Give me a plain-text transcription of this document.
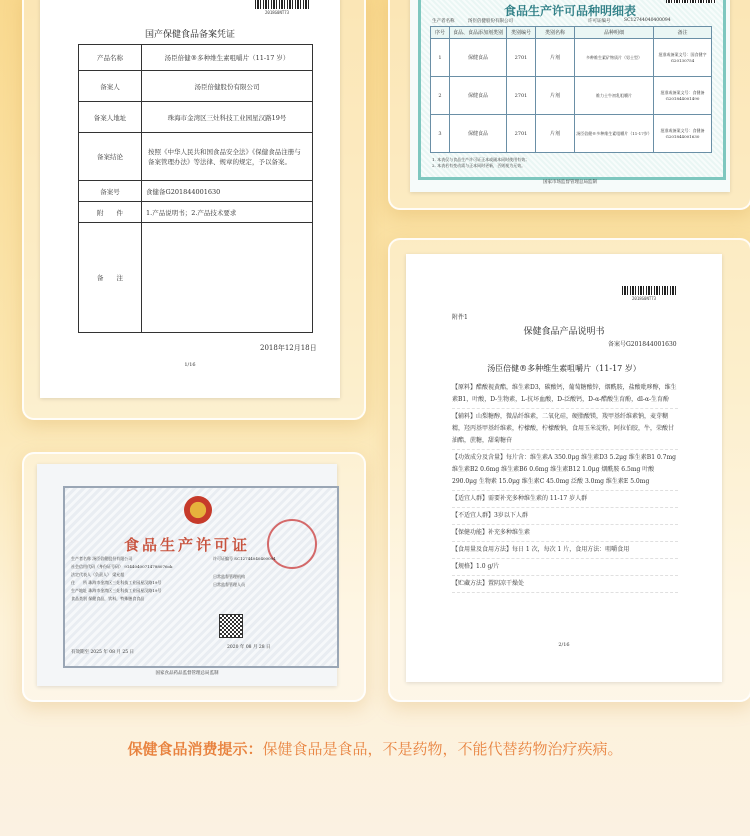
2018G0NT73
国产保健食品备案凭证
产品名称	汤臣倍健®多种维生素咀嚼片（11-17 岁）
备案人	汤臣倍健股份有限公司
备案人地址	珠海市金湾区三灶科技工业园星汉路19号
备案结论	按照《中华人民共和国食品安全法》《保健食品注册与备案管理办法》等法律、规章的规定，予以备案。
备案号	食健备G201844001630
附　　件	1.产品说明书；2.产品技术要求
备　　注	
2018年12月18日
1/16
食品生产许可品种明细表
生产者名称	汤臣倍健股份有限公司	许可证编号	SC12744040400094
序号	食品、食品添加剂类别	类别编号	类别名称	品种明细	备注
1	保健食品	2701	片剂	多种维生素矿物质片（男士型）	批准或备案文号：国食健字G20130754
2	保健食品	2701	片剂	维力士牛初乳咀嚼片	批准或备案文号：食健备G201844001490
3	保健食品	2701	片剂	汤臣倍健®多种维生素咀嚼片（11-17岁）	批准或备案文号：食健备G201844001630
1. 本表仅与食品生产许可证正本或副本同时使用有效；
2. 本表若有变动需与正本同时更新，否则视为无效。
国家市场监督管理总局监制
食品生产许可证
生产者名称 汤臣倍健股份有限公司
社会信用代码（身份证号码） 91440400714788076ok
法定代表人（负责人） 梁允超
住　　所 珠海市金湾区三灶科技工业园星汉路19号
生产地址 珠海市金湾区三灶科技工业园星汉路19号
食品类别 保健食品，饮料，特殊膳食食品
许可证编号 SC12744040400094
日常监督管理机构
日常监督管理人员
有效期至 2025 年 08 月 25 日
2020 年 08 月 28 日
国家食品药品监督管理总局监制
2018G0NT73
附件1
保健食品产品说明书
备案号G201844001630
汤臣倍健®多种维生素咀嚼片（11-17 岁）
【原料】醋酸视黄酯，维生素D3，碳酸钙，葡萄糖酸锌，烟酰胺，盐酸吡哆醇，维生素B1，叶酸，D-生物素，L-抗坏血酸，D-泛酸钙，D-α-醋酸生育酚，dl-α-生育酚
【辅料】山梨糖醇，微晶纤维素，二氧化硅，硬脂酸镁，羧甲基纤维素钠，麦芽糊精，羟丙基甲基纤维素，柠檬酸，柠檬酸钠，食用玉米淀粉，阿拉伯胶，牛，荣酸甘油酯，蔗糖，甜菊糖苷
【功效成分及含量】每片含：维生素A 350.0μg 维生素D3 5.2μg 维生素B1 0.7mg 维生素B2 0.6mg 维生素B6 0.6mg 维生素B12 1.0μg 烟酰胺 6.5mg 叶酸 290.0μg 生物素 15.0μg 维生素C 45.0mg 泛酸 3.0mg 维生素E 5.0mg
【适宜人群】需要补充多种维生素的 11-17 岁人群
【不适宜人群】3岁以下人群
【保健功能】补充多种维生素
【食用量及食用方法】每日 1 次，每次 1 片，食用方法：咀嚼食用
【规格】1.0 g/片
【贮藏方法】置阴凉干燥处
2/16
保健食品消费提示：保健食品是食品，不是药物，不能代替药物治疗疾病。
